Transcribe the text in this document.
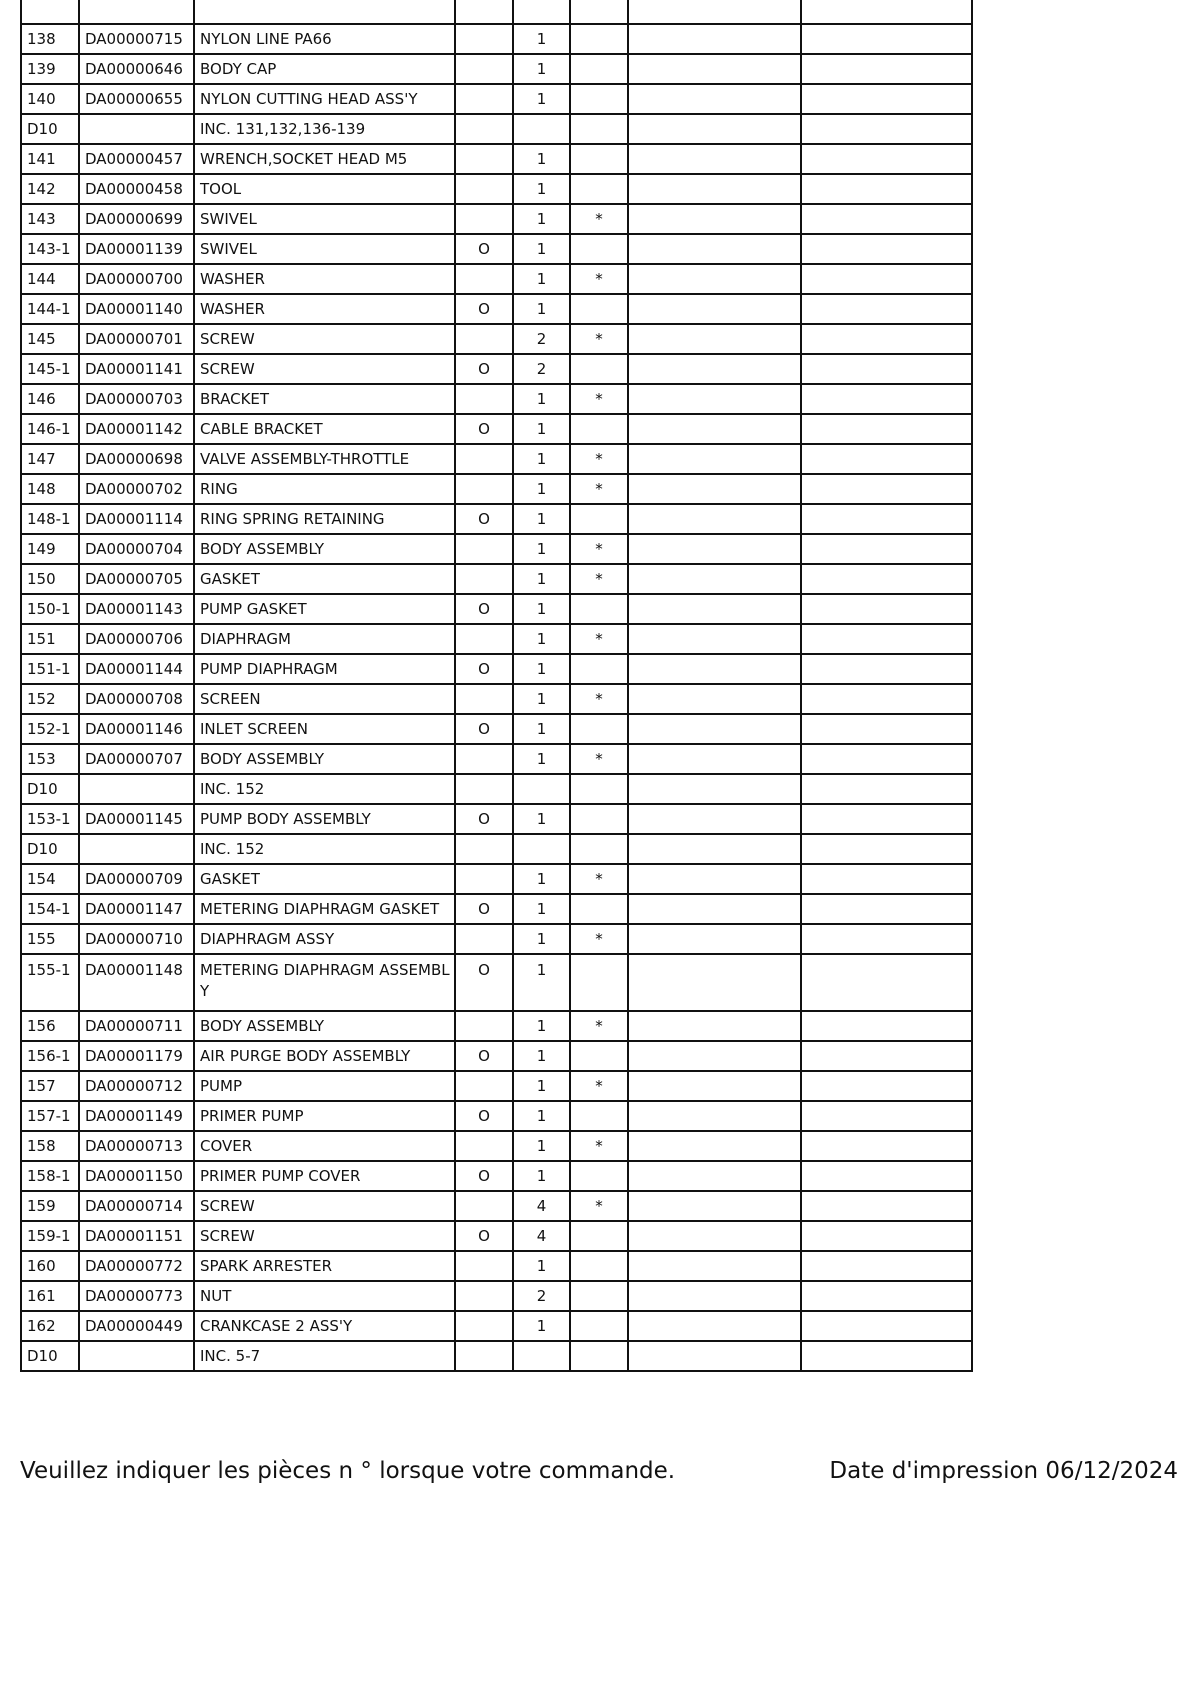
138	DA00000715	NYLON LINE PA66		1			
139	DA00000646	BODY CAP		1			
140	DA00000655	NYLON CUTTING HEAD ASS'Y		1			
D10		INC. 131,132,136-139					
141	DA00000457	WRENCH,SOCKET HEAD M5		1			
142	DA00000458	TOOL		1			
143	DA00000699	SWIVEL		1	*		
143-1	DA00001139	SWIVEL	O	1			
144	DA00000700	WASHER		1	*		
144-1	DA00001140	WASHER	O	1			
145	DA00000701	SCREW		2	*		
145-1	DA00001141	SCREW	O	2			
146	DA00000703	BRACKET		1	*		
146-1	DA00001142	CABLE BRACKET	O	1			
147	DA00000698	VALVE ASSEMBLY-THROTTLE		1	*		
148	DA00000702	RING		1	*		
148-1	DA00001114	RING SPRING RETAINING	O	1			
149	DA00000704	BODY ASSEMBLY		1	*		
150	DA00000705	GASKET		1	*		
150-1	DA00001143	PUMP GASKET	O	1			
151	DA00000706	DIAPHRAGM		1	*		
151-1	DA00001144	PUMP DIAPHRAGM	O	1			
152	DA00000708	SCREEN		1	*		
152-1	DA00001146	INLET SCREEN	O	1			
153	DA00000707	BODY ASSEMBLY		1	*		
D10		INC. 152					
153-1	DA00001145	PUMP BODY ASSEMBLY	O	1			
D10		INC. 152					
154	DA00000709	GASKET		1	*		
154-1	DA00001147	METERING DIAPHRAGM GASKET	O	1			
155	DA00000710	DIAPHRAGM ASSY		1	*		
155-1	DA00001148	METERING DIAPHRAGM ASSEMBLY	O	1			
156	DA00000711	BODY ASSEMBLY		1	*		
156-1	DA00001179	AIR PURGE BODY ASSEMBLY	O	1			
157	DA00000712	PUMP		1	*		
157-1	DA00001149	PRIMER PUMP	O	1			
158	DA00000713	COVER		1	*		
158-1	DA00001150	PRIMER PUMP COVER	O	1			
159	DA00000714	SCREW		4	*		
159-1	DA00001151	SCREW	O	4			
160	DA00000772	SPARK ARRESTER		1			
161	DA00000773	NUT		2			
162	DA00000449	CRANKCASE 2 ASS'Y		1			
D10		INC. 5-7					
Veuillez indiquer les pièces n ° lorsque votre commande.	Date d'impression 06/12/2024
